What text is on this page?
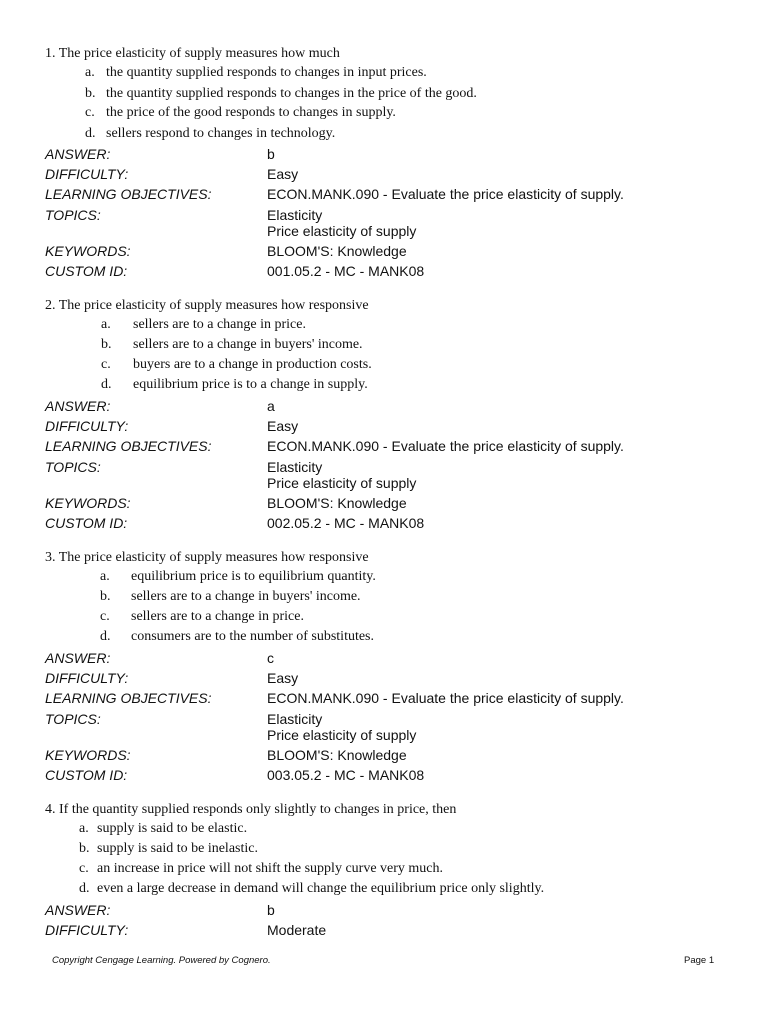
1. The price elasticity of supply measures how much
a. the quantity supplied responds to changes in input prices.
b. the quantity supplied responds to changes in the price of the good.
c. the price of the good responds to changes in supply.
d. sellers respond to changes in technology.
ANSWER:	b
DIFFICULTY:	Easy
LEARNING OBJECTIVES:	ECON.MANK.090 - Evaluate the price elasticity of supply.
TOPICS:	Elasticity
Price elasticity of supply
KEYWORDS:	BLOOM'S: Knowledge
CUSTOM ID:	001.05.2 - MC - MANK08
2. The price elasticity of supply measures how responsive
a. sellers are to a change in price.
b. sellers are to a change in buyers' income.
c. buyers are to a change in production costs.
d. equilibrium price is to a change in supply.
ANSWER:	a
DIFFICULTY:	Easy
LEARNING OBJECTIVES:	ECON.MANK.090 - Evaluate the price elasticity of supply.
TOPICS:	Elasticity
Price elasticity of supply
KEYWORDS:	BLOOM'S: Knowledge
CUSTOM ID:	002.05.2 - MC - MANK08
3. The price elasticity of supply measures how responsive
a. equilibrium price is to equilibrium quantity.
b. sellers are to a change in buyers' income.
c. sellers are to a change in price.
d. consumers are to the number of substitutes.
ANSWER:	c
DIFFICULTY:	Easy
LEARNING OBJECTIVES:	ECON.MANK.090 - Evaluate the price elasticity of supply.
TOPICS:	Elasticity
Price elasticity of supply
KEYWORDS:	BLOOM'S: Knowledge
CUSTOM ID:	003.05.2 - MC - MANK08
4. If the quantity supplied responds only slightly to changes in price, then
a. supply is said to be elastic.
b. supply is said to be inelastic.
c. an increase in price will not shift the supply curve very much.
d. even a large decrease in demand will change the equilibrium price only slightly.
ANSWER:	b
DIFFICULTY:	Moderate
Copyright Cengage Learning. Powered by Cognero.	Page 1
